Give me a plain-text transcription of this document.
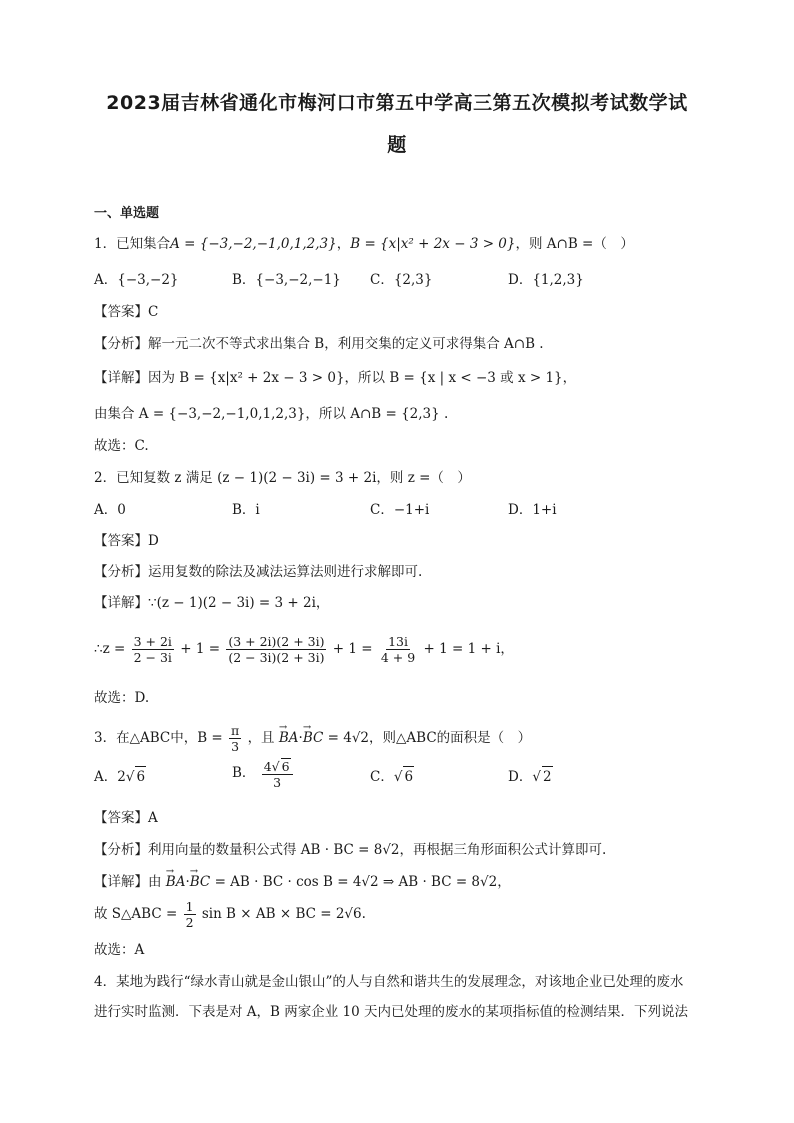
2023届吉林省通化市梅河口市第五中学高三第五次模拟考试数学试
题
一、单选题
1．已知集合A = {−3,−2,−1,0,1,2,3}，B = {x|x² + 2x − 3 > 0}，则 A∩B =（　）
A．{−3,−2}	B．{−3,−2,−1} C．{2,3}	D．{1,2,3}
【答案】C
【分析】解一元二次不等式求出集合 B，利用交集的定义可求得集合 A∩B .
【详解】因为 B = {x|x² + 2x − 3 > 0}，所以 B = {x | x < −3 或 x > 1}，
由集合 A = {−3,−2,−1,0,1,2,3}，所以 A∩B = {2,3} .
故选：C.
2．已知复数 z 满足 (z − 1)(2 − 3i) = 3 + 2i，则 z =（　）
A．0	B．i	C．−1+i	D．1+i
【答案】D
【分析】运用复数的除法及减法运算法则进行求解即可.
【详解】∵(z − 1)(2 − 3i) = 3 + 2i，
∴z = $\frac{3 + 2i}{2 - 3i} + 1 = \frac{(3 + 2i)(2 + 3i)}{(2 - 3i)(2 + 3i)} + 1 = \frac{13i}{4 + 9} + 1 = 1 + i$，
故选：D.
3．在△ABC中，$B = \frac{\pi}{3}$ ，且 → BA·→ BC = 4√2，则△ABC的面积是（　）
A．2√ 6	B． $\frac{4√ 6}{3}$	C．√ 6	D．√ 2
【答案】A
【分析】利用向量的数量积公式得 AB · BC = 8√2，再根据三角形面积公式计算即可.
【详解】由 → BA·→ BC = AB · BC · cos B = 4√2 ⇒ AB · BC = 8√2，
故 S△ABC = $\frac{1}{2}$ sin B × AB × BC = 2√6.
故选：A
4．某地为践行“绿水青山就是金山银山”的人与自然和谐共生的发展理念，对该地企业已处理的废水
进行实时监测．下表是对 A，B 两家企业 10 天内已处理的废水的某项指标值的检测结果．下列说法
